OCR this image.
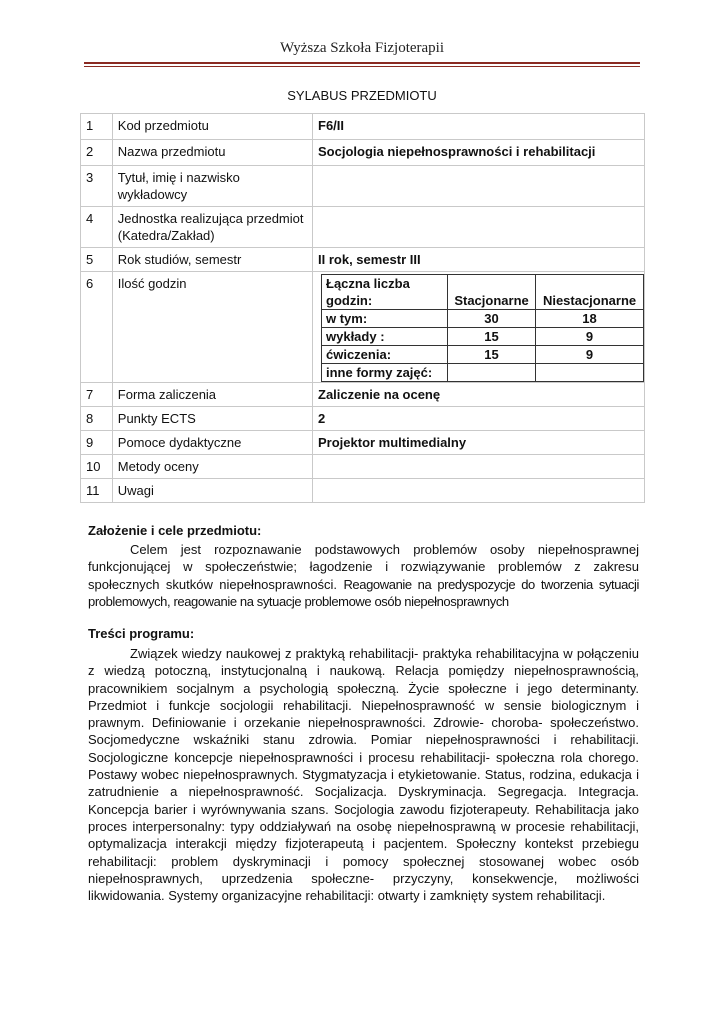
Wyższa Szkoła Fizjoterapii
SYLABUS PRZEDMIOTU
1	Kod przedmiotu	F6/II
2	Nazwa przedmiotu	Socjologia niepełnosprawności i rehabilitacji
3	Tytuł, imię i nazwisko wykładowcy	
4	Jednostka realizująca przedmiot (Katedra/Zakład)	
5	Rok studiów, semestr	II rok, semestr III
6	Ilość godzin		Łączna liczba godzin:	Stacjonarne	Niestacjonarne
w tym:	30	18
wykłady :	15	9
ćwiczenia:	15	9
inne formy zajęć:		

7	Forma zaliczenia	Zaliczenie na ocenę
8	Punkty ECTS	2
9	Pomoce dydaktyczne	Projektor multimedialny
10	Metody oceny	
11	Uwagi	
Założenie i cele przedmiotu:
Celem jest rozpoznawanie podstawowych problemów osoby niepełnosprawnej funkcjonującej w społeczeństwie; łagodzenie i rozwiązywanie problemów z zakresu społecznych skutków niepełnosprawności. Reagowanie na predyspozycje do tworzenia sytuacji problemowych, reagowanie na sytuacje problemowe osób niepełnosprawnych
Treści programu:
Związek wiedzy naukowej z praktyką rehabilitacji- praktyka rehabilitacyjna w połączeniu z wiedzą potoczną, instytucjonalną i naukową. Relacja pomiędzy niepełnosprawnością, pracownikiem socjalnym a psychologią społeczną. Życie społeczne i jego determinanty. Przedmiot i funkcje socjologii rehabilitacji. Niepełnosprawność w sensie biologicznym i prawnym. Definiowanie i orzekanie niepełnosprawności. Zdrowie- choroba- społeczeństwo. Socjomedyczne wskaźniki stanu zdrowia. Pomiar niepełnosprawności i rehabilitacji. Socjologiczne koncepcje niepełnosprawności i procesu rehabilitacji- społeczna rola chorego. Postawy wobec niepełnosprawnych. Stygmatyzacja i etykietowanie. Status, rodzina, edukacja i zatrudnienie a niepełnosprawność. Socjalizacja. Dyskryminacja. Segregacja. Integracja. Koncepcja barier i wyrównywania szans. Socjologia zawodu fizjoterapeuty. Rehabilitacja jako proces interpersonalny: typy oddziaływań na osobę niepełnosprawną w procesie rehabilitacji, optymalizacja interakcji między fizjoterapeutą i pacjentem. Społeczny kontekst przebiegu rehabilitacji: problem dyskryminacji i pomocy społecznej stosowanej wobec osób niepełnosprawnych, uprzedzenia społeczne- przyczyny, konsekwencje, możliwości likwidowania. Systemy organizacyjne rehabilitacji: otwarty i zamknięty system rehabilitacji.
